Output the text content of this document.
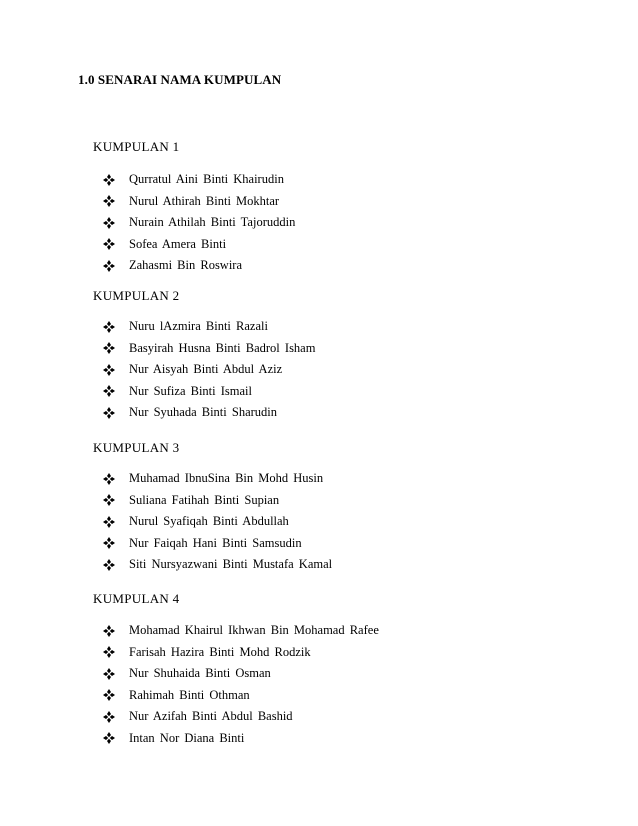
1.0 SENARAI NAMA KUMPULAN
KUMPULAN 1
Qurratul Aini Binti Khairudin
Nurul Athirah Binti Mokhtar
Nurain Athilah Binti Tajoruddin
Sofea Amera Binti
Zahasmi Bin Roswira
KUMPULAN 2
Nuru lAzmira Binti Razali
Basyirah Husna Binti Badrol Isham
Nur Aisyah Binti Abdul Aziz
Nur Sufiza Binti Ismail
Nur Syuhada Binti Sharudin
KUMPULAN 3
Muhamad IbnuSina Bin Mohd Husin
Suliana Fatihah Binti Supian
Nurul Syafiqah Binti Abdullah
Nur Faiqah Hani Binti Samsudin
Siti Nursyazwani Binti Mustafa Kamal
KUMPULAN 4
Mohamad Khairul Ikhwan Bin Mohamad Rafee
Farisah Hazira Binti Mohd Rodzik
Nur Shuhaida Binti Osman
Rahimah Binti Othman
Nur Azifah Binti Abdul Bashid
Intan Nor Diana Binti
